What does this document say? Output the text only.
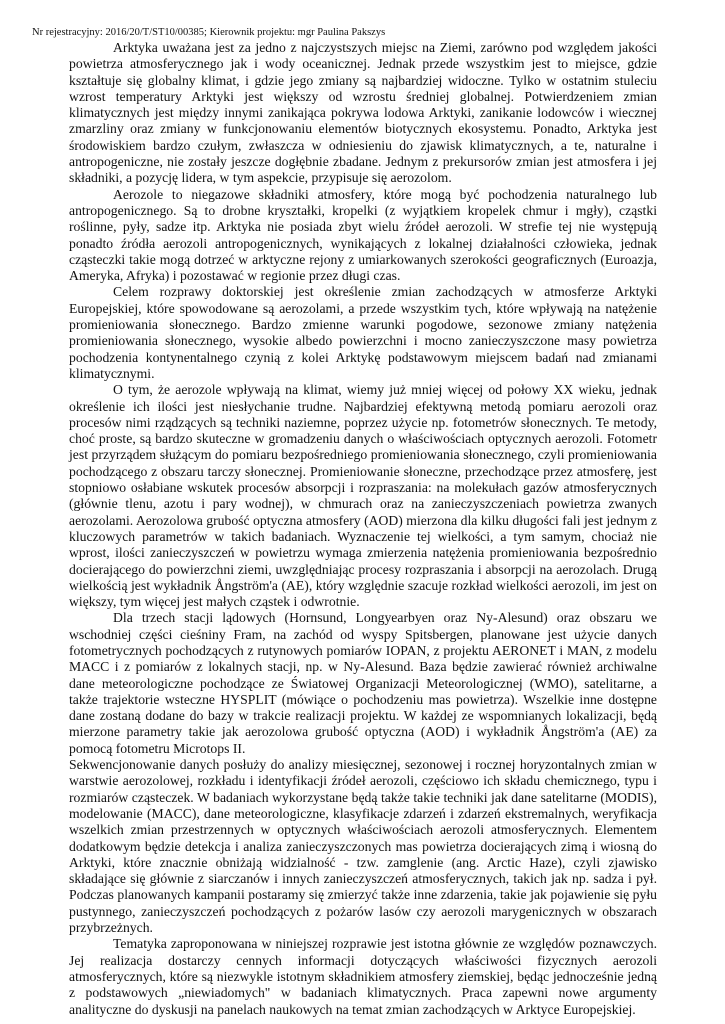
Nr rejestracyjny: 2016/20/T/ST10/00385; Kierownik projektu: mgr Paulina Pakszys

Arktyka uważana jest za jedno z najczystszych miejsc na Ziemi, zarówno pod względem jakości powietrza atmosferycznego jak i wody oceanicznej. Jednak przede wszystkim jest to miejsce, gdzie kształtuje się globalny klimat, i gdzie jego zmiany są najbardziej widoczne. Tylko w ostatnim stuleciu wzrost temperatury Arktyki jest większy od wzrostu średniej globalnej. Potwierdzeniem zmian klimatycznych jest między innymi zanikająca pokrywa lodowa Arktyki, zanikanie lodowców i wiecznej zmarzliny oraz zmiany w funkcjonowaniu elementów biotycznych ekosystemu. Ponadto, Arktyka jest środowiskiem bardzo czułym, zwłaszcza w odniesieniu do zjawisk klimatycznych, a te, naturalne i antropogeniczne, nie zostały jeszcze dogłębnie zbadane. Jednym z prekursorów zmian jest atmosfera i jej składniki, a pozycję lidera, w tym aspekcie, przypisuje się aerozolom.

Aerozole to niegazowe składniki atmosfery, które mogą być pochodzenia naturalnego lub antropogenicznego. Są to drobne kryształki, kropelki (z wyjątkiem kropelek chmur i mgły), cząstki roślinne, pyły, sadze itp. Arktyka nie posiada zbyt wielu źródeł aerozoli. W strefie tej nie występują ponadto źródła aerozoli antropogenicznych, wynikających z lokalnej działalności człowieka, jednak cząsteczki takie mogą dotrzeć w arktyczne rejony z umiarkowanych szerokości geograficznych (Euroazja, Ameryka, Afryka) i pozostawać w regionie przez długi czas.

Celem rozprawy doktorskiej jest określenie zmian zachodzących w atmosferze Arktyki Europejskiej, które spowodowane są aerozolami, a przede wszystkim tych, które wpływają na natężenie promieniowania słonecznego. Bardzo zmienne warunki pogodowe, sezonowe zmiany natężenia promieniowania słonecznego, wysokie albedo powierzchni i mocno zanieczyszczone masy powietrza pochodzenia kontynentalnego czynią z kolei Arktykę podstawowym miejscem badań nad zmianami klimatycznymi.

O tym, że aerozole wpływają na klimat, wiemy już mniej więcej od połowy XX wieku, jednak określenie ich ilości jest niesłychanie trudne. Najbardziej efektywną metodą pomiaru aerozoli oraz procesów nimi rządzących są techniki naziemne, poprzez użycie np. fotometrów słonecznych. Te metody, choć proste, są bardzo skuteczne w gromadzeniu danych o właściwościach optycznych aerozoli. Fotometr jest przyrządem służącym do pomiaru bezpośredniego promieniowania słonecznego, czyli promieniowania pochodzącego z obszaru tarczy słonecznej. Promieniowanie słoneczne, przechodzące przez atmosferę, jest stopniowo osłabiane wskutek procesów absorpcji i rozpraszania: na molekułach gazów atmosferycznych (głównie tlenu, azotu i pary wodnej), w chmurach oraz na zanieczyszczeniach powietrza zwanych aerozolami. Aerozolowa grubość optyczna atmosfery (AOD) mierzona dla kilku długości fali jest jednym z kluczowych parametrów w takich badaniach. Wyznaczenie tej wielkości, a tym samym, chociaż nie wprost, ilości zanieczyszczeń w powietrzu wymaga zmierzenia natężenia promieniowania bezpośrednio docierającego do powierzchni ziemi, uwzględniając procesy rozpraszania i absorpcji na aerozolach. Drugą wielkością jest wykładnik Ångström'a (AE), który względnie szacuje rozkład wielkości aerozoli, im jest on większy, tym więcej jest małych cząstek i odwrotnie.

Dla trzech stacji lądowych (Hornsund, Longyearbyen oraz Ny-Alesund) oraz obszaru we wschodniej części cieśniny Fram, na zachód od wyspy Spitsbergen, planowane jest użycie danych fotometrycznych pochodzących z rutynowych pomiarów IOPAN, z projektu AERONET i MAN, z modelu MACC i z pomiarów z lokalnych stacji, np. w Ny-Alesund. Baza będzie zawierać również archiwalne dane meteorologiczne pochodzące ze Światowej Organizacji Meteorologicznej (WMO), satelitarne, a także trajektorie wsteczne HYSPLIT (mówiące o pochodzeniu mas powietrza). Wszelkie inne dostępne dane zostaną dodane do bazy w trakcie realizacji projektu. W każdej ze wspomnianych lokalizacji, będą mierzone parametry takie jak aerozolowa grubość optyczna (AOD) i wykładnik Ångström'a (AE) za pomocą fotometru Microtops II.

Sekwencjonowanie danych posłuży do analizy miesięcznej, sezonowej i rocznej horyzontalnych zmian w warstwie aerozolowej, rozkładu i identyfikacji źródeł aerozoli, częściowo ich składu chemicznego, typu i rozmiarów cząsteczek. W badaniach wykorzystane będą także takie techniki jak dane satelitarne (MODIS), modelowanie (MACC), dane meteorologiczne, klasyfikacje zdarzeń i zdarzeń ekstremalnych, weryfikacja wszelkich zmian przestrzennych w optycznych właściwościach aerozoli atmosferycznych. Elementem dodatkowym będzie detekcja i analiza zanieczyszczonych mas powietrza docierających zimą i wiosną do Arktyki, które znacznie obniżają widzialność - tzw. zamglenie (ang. Arctic Haze), czyli zjawisko składające się głównie z siarczanów i innych zanieczyszczeń atmosferycznych, takich jak np. sadza i pył. Podczas planowanych kampanii postaramy się zmierzyć także inne zdarzenia, takie jak pojawienie się pyłu pustynnego, zanieczyszczeń pochodzących z pożarów lasów czy aerozoli marygenicznych w obszarach przybrzeżnych.

Tematyka zaproponowana w niniejszej rozprawie jest istotna głównie ze względów poznawczych. Jej realizacja dostarczy cennych informacji dotyczących właściwości fizycznych aerozoli atmosferycznych, które są niezwykle istotnym składnikiem atmosfery ziemskiej, będąc jednocześnie jedną z podstawowych „niewiadomych" w badaniach klimatycznych. Praca zapewni nowe argumenty analityczne do dyskusji na panelach naukowych na temat zmian zachodzących w Arktyce Europejskiej.
